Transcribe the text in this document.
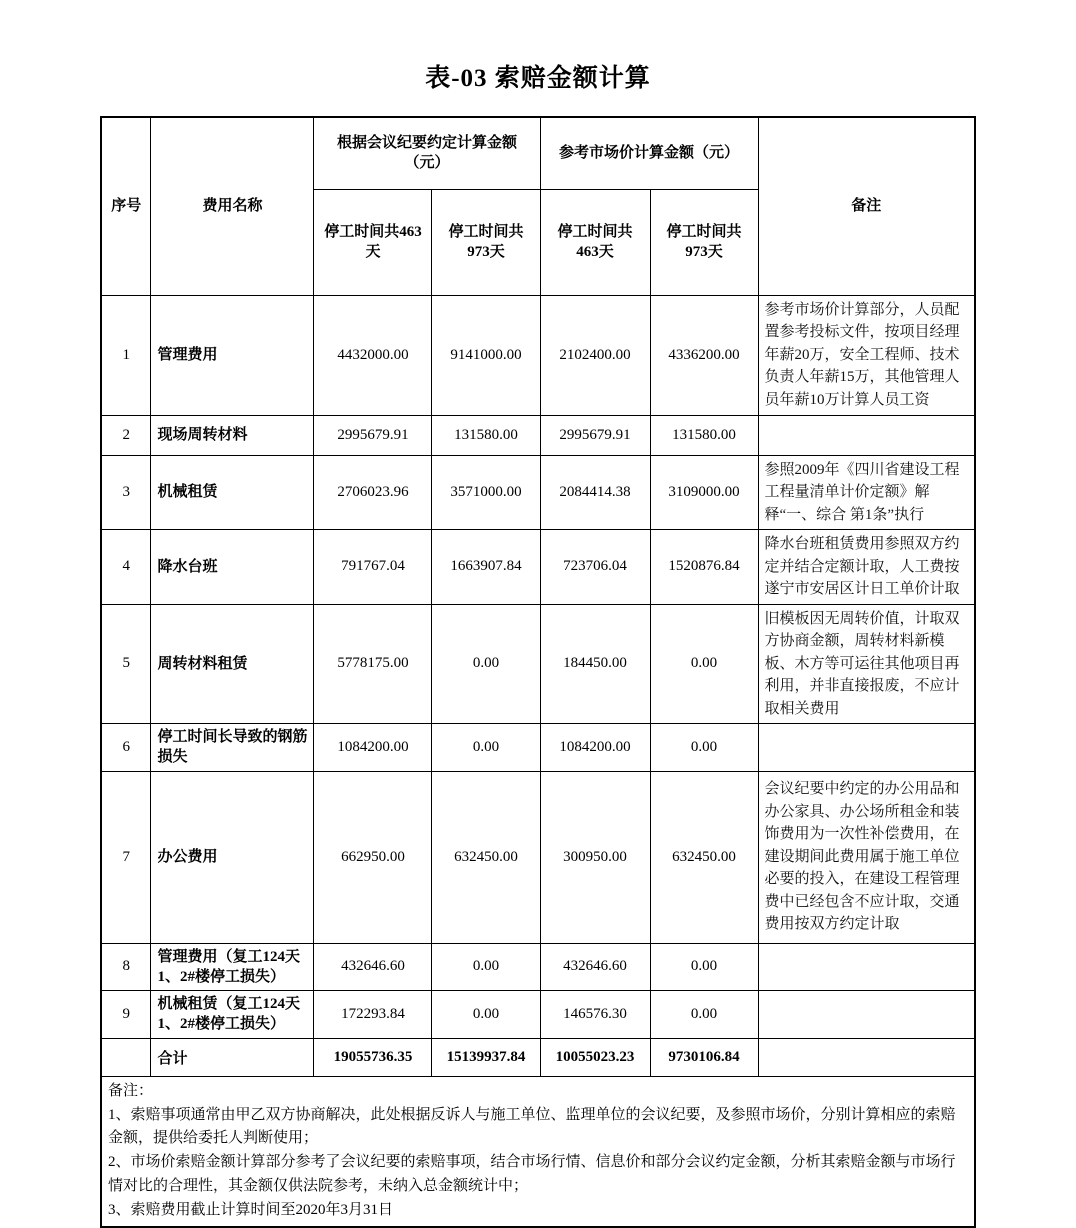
表-03 索赔金额计算
序号	费用名称	根据会议纪要约定计算金额（元）		参考市场价计算金额（元）		备注
		停工时间共463天	停工时间共973天	停工时间共463天	停工时间共973天	
1	管理费用	4432000.00	9141000.00	2102400.00	4336200.00	参考市场价计算部分，人员配置参考投标文件，按项目经理年薪20万，安全工程师、技术负责人年薪15万，其他管理人员年薪10万计算人员工资
2	现场周转材料	2995679.91	131580.00	2995679.91	131580.00	
3	机械租赁	2706023.96	3571000.00	2084414.38	3109000.00	参照2009年《四川省建设工程工程量清单计价定额》解释“一、综合 第1条”执行
4	降水台班	791767.04	1663907.84	723706.04	1520876.84	降水台班租赁费用参照双方约定并结合定额计取，人工费按遂宁市安居区计日工单价计取
5	周转材料租赁	5778175.00	0.00	184450.00	0.00	旧模板因无周转价值，计取双方协商金额，周转材料新模板、木方等可运往其他项目再利用，并非直接报废，不应计取相关费用
6	停工时间长导致的钢筋损失	1084200.00	0.00	1084200.00	0.00	
7	办公费用	662950.00	632450.00	300950.00	632450.00	会议纪要中约定的办公用品和办公家具、办公场所租金和装饰费用为一次性补偿费用，在建设期间此费用属于施工单位必要的投入，在建设工程管理费中已经包含不应计取，交通费用按双方约定计取
8	管理费用（复工124天1、2#楼停工损失）	432646.60	0.00	432646.60	0.00	
9	机械租赁（复工124天1、2#楼停工损失）	172293.84	0.00	146576.30	0.00	
	合计	19055736.35	15139937.84	10055023.23	9730106.84	

备注：

1、索赔事项通常由甲乙双方协商解决，此处根据反诉人与施工单位、监理单位的会议纪要，及参照市场价，分别计算相应的索赔金额，提供给委托人判断使用；

2、市场价索赔金额计算部分参考了会议纪要的索赔事项，结合市场行情、信息价和部分会议约定金额，分析其索赔金额与市场行情对比的合理性，其金额仅供法院参考，未纳入总金额统计中；

3、索赔费用截止计算时间至2020年3月31日						
